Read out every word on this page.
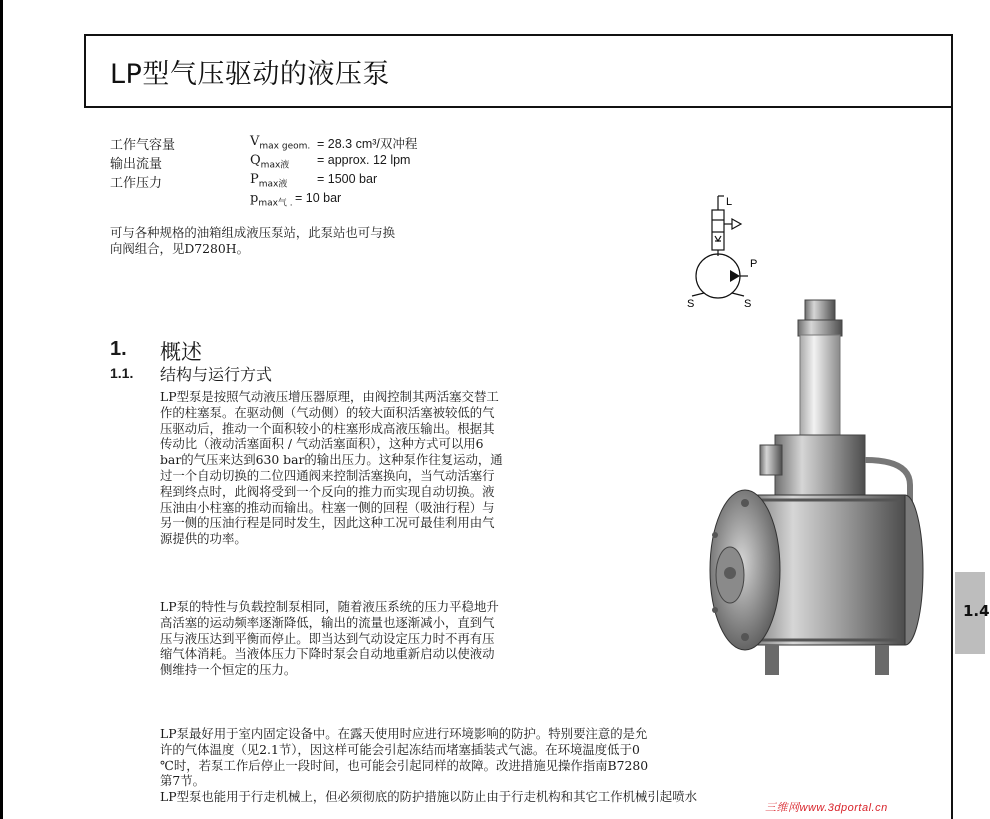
LP型气压驱动的液压泵
1.4
工作气容量	$V_{max geom.} = 28.3$ cm³/双冲程
输出流量	$Q_{max液}$ = approx. 12 lpm
工作压力	$P_{max液} = 1500$ bar
$p_{max气 .} = 10$ bar
可与各种规格的油箱组成液压泵站，此泵站也可与换
向阀组合，见D7280H。
L
P
S	S
1. 概述
1.1. 结构与运行方式
LP型泵是按照气动液压增压器原理，由阀控制其两活塞交替工
作的柱塞泵。在驱动侧（气动侧）的较大面积活塞被较低的气
压驱动后，推动一个面积较小的柱塞形成高液压输出。根据其
传动比（液动活塞面积 / 气动活塞面积），这种方式可以用6
bar的气压来达到630 bar的输出压力。这种泵作往复运动，通
过一个自动切换的二位四通阀来控制活塞换向，当气动活塞行
程到终点时，此阀将受到一个反向的推力而实现自动切换。液
压油由小柱塞的推动而输出。柱塞一侧的回程（吸油行程）与
另一侧的压油行程是同时发生，因此这种工况可最佳利用由气
源提供的功率。
LP泵的特性与负载控制泵相同，随着液压系统的压力平稳地升
高活塞的运动频率逐渐降低，输出的流量也逐渐减小，直到气
压与液压达到平衡而停止。即当达到气动设定压力时不再有压
缩气体消耗。当液体压力下降时泵会自动地重新启动以使液动
侧维持一个恒定的压力。
LP泵最好用于室内固定设备中。在露天使用时应进行环境影响的防护。特别要注意的是允
许的气体温度（见2.1节），因这样可能会引起冻结而堵塞插装式气滤。在环境温度低于0
℃时，若泵工作后停止一段时间，也可能会引起同样的故障。改进措施见操作指南B7280
第7节。
LP型泵也能用于行走机械上，但必须彻底的防护措施以防止由于行走机构和其它工作机械引起喷水
三维网www.3dportal.cn
